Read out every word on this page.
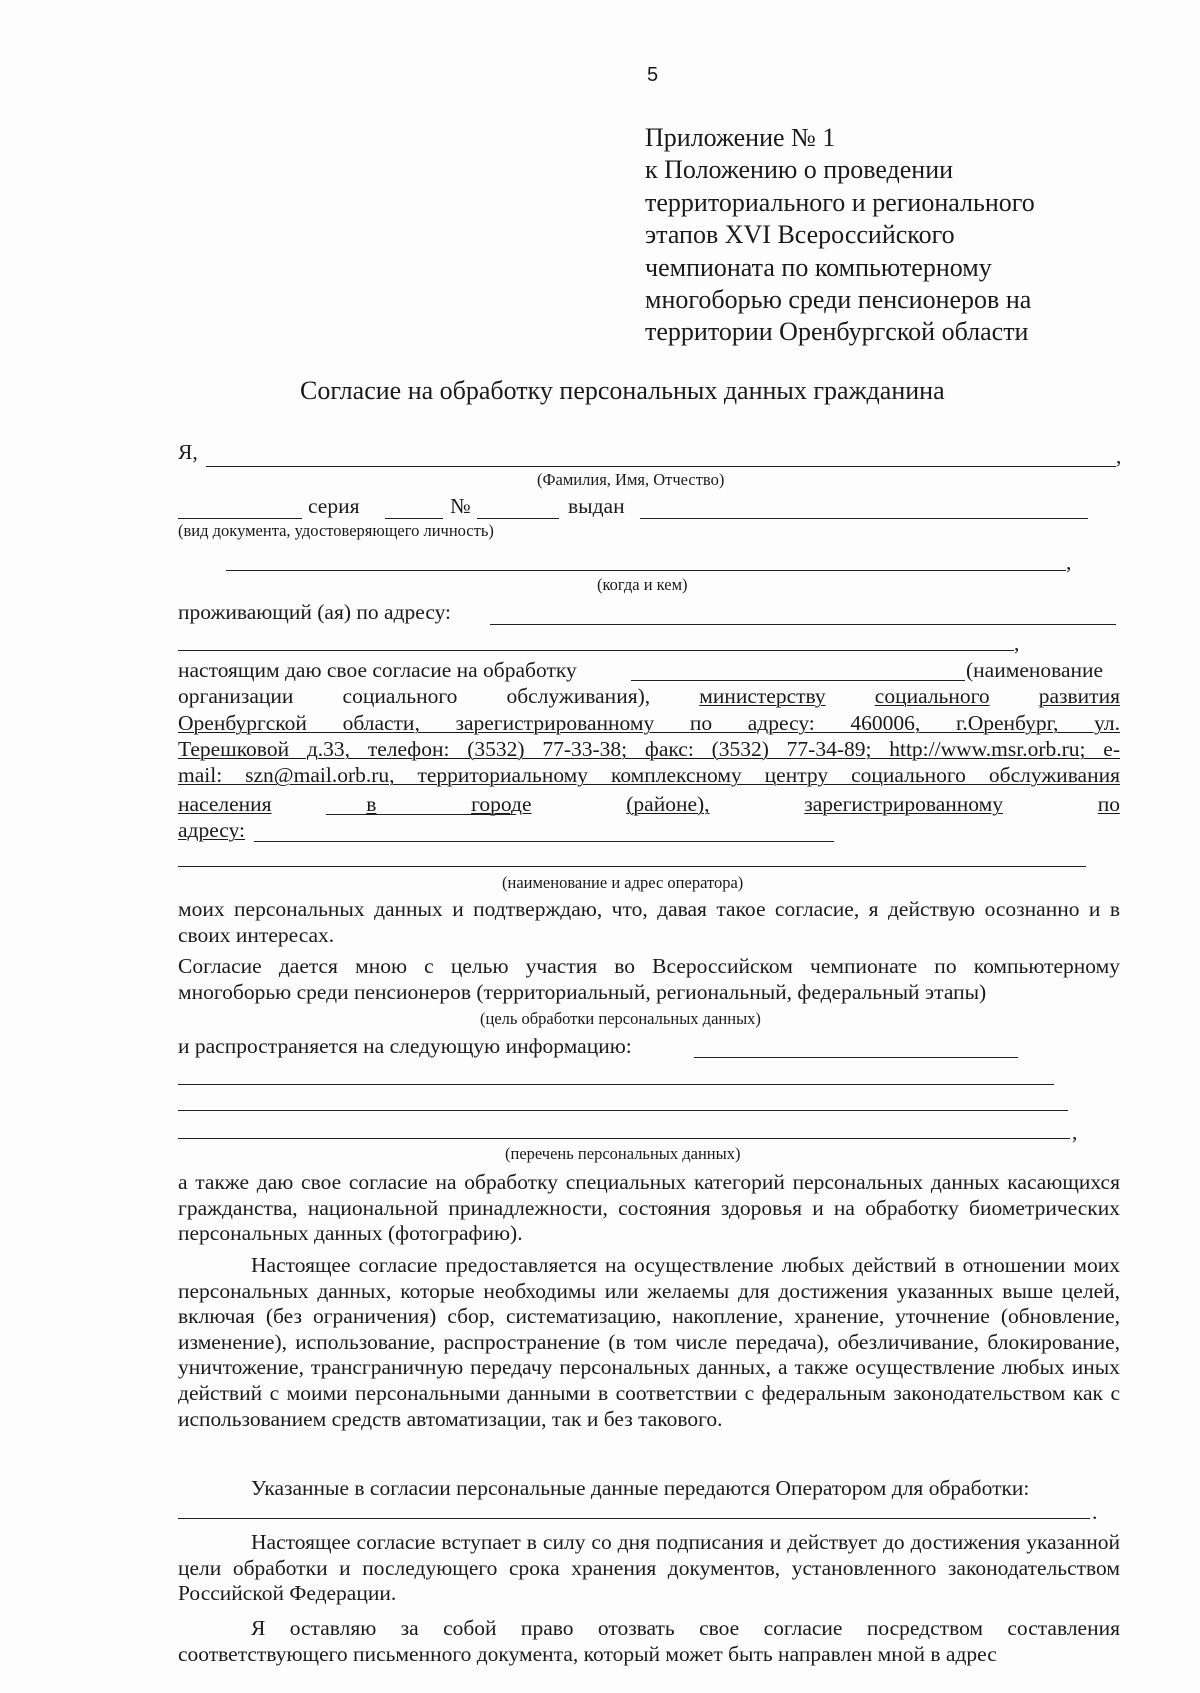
5
Приложение № 1
к Положению о проведении
территориального и регионального
этапов XVI Всероссийского
чемпионата по компьютерному
многоборью среди пенсионеров на
территории Оренбургской области
Согласие на обработку персональных данных гражданина
Я,	,
(Фамилия, Имя, Отчество)
серия	№	выдан
(вид документа, удостоверяющего личность)
,
(когда и кем)
проживающий (ая) по адресу:
,
настоящим даю свое согласие на обработку	(наименование
организации социального обслуживания), министерству социального развития
Оренбургской области, зарегистрированному по адресу: 460006, г.Оренбург, ул.
Терешковой д.33, телефон: (3532) 77-33-38; факс: (3532) 77-34-89; http://www.msr.orb.ru; e-
mail: szn@mail.orb.ru, территориальному комплексному центру социального обслуживания
населения	в	городе	(районе),	зарегистрированному	по
адресу:
(наименование и адрес оператора)
моих персональных данных и подтверждаю, что, давая такое согласие, я действую осознанно и в своих интересах.
Согласие дается мною с целью участия во Всероссийском чемпионате по компьютерному многоборью среди пенсионеров (территориальный, региональный, федеральный этапы)
(цель обработки персональных данных)
и распространяется на следующую информацию:
,
(перечень персональных данных)
а также даю свое согласие на обработку специальных категорий персональных данных касающихся гражданства, национальной принадлежности, состояния здоровья и на обработку биометрических персональных данных (фотографию).
Настоящее согласие предоставляется на осуществление любых действий в отношении моих персональных данных, которые необходимы или желаемы для достижения указанных выше целей, включая (без ограничения) сбор, систематизацию, накопление, хранение, уточнение (обновление, изменение), использование, распространение (в том числе передача), обезличивание, блокирование, уничтожение, трансграничную передачу персональных данных, а также осуществление любых иных действий с моими персональными данными в соответствии с федеральным законодательством как с использованием средств автоматизации, так и без такового.
Указанные в согласии персональные данные передаются Оператором для обработки:
.
Настоящее согласие вступает в силу со дня подписания и действует до достижения указанной цели обработки и последующего срока хранения документов, установленного законодательством Российской Федерации.
Я оставляю за собой право отозвать свое согласие посредством составления соответствующего письменного документа, который может быть направлен мной в адрес
